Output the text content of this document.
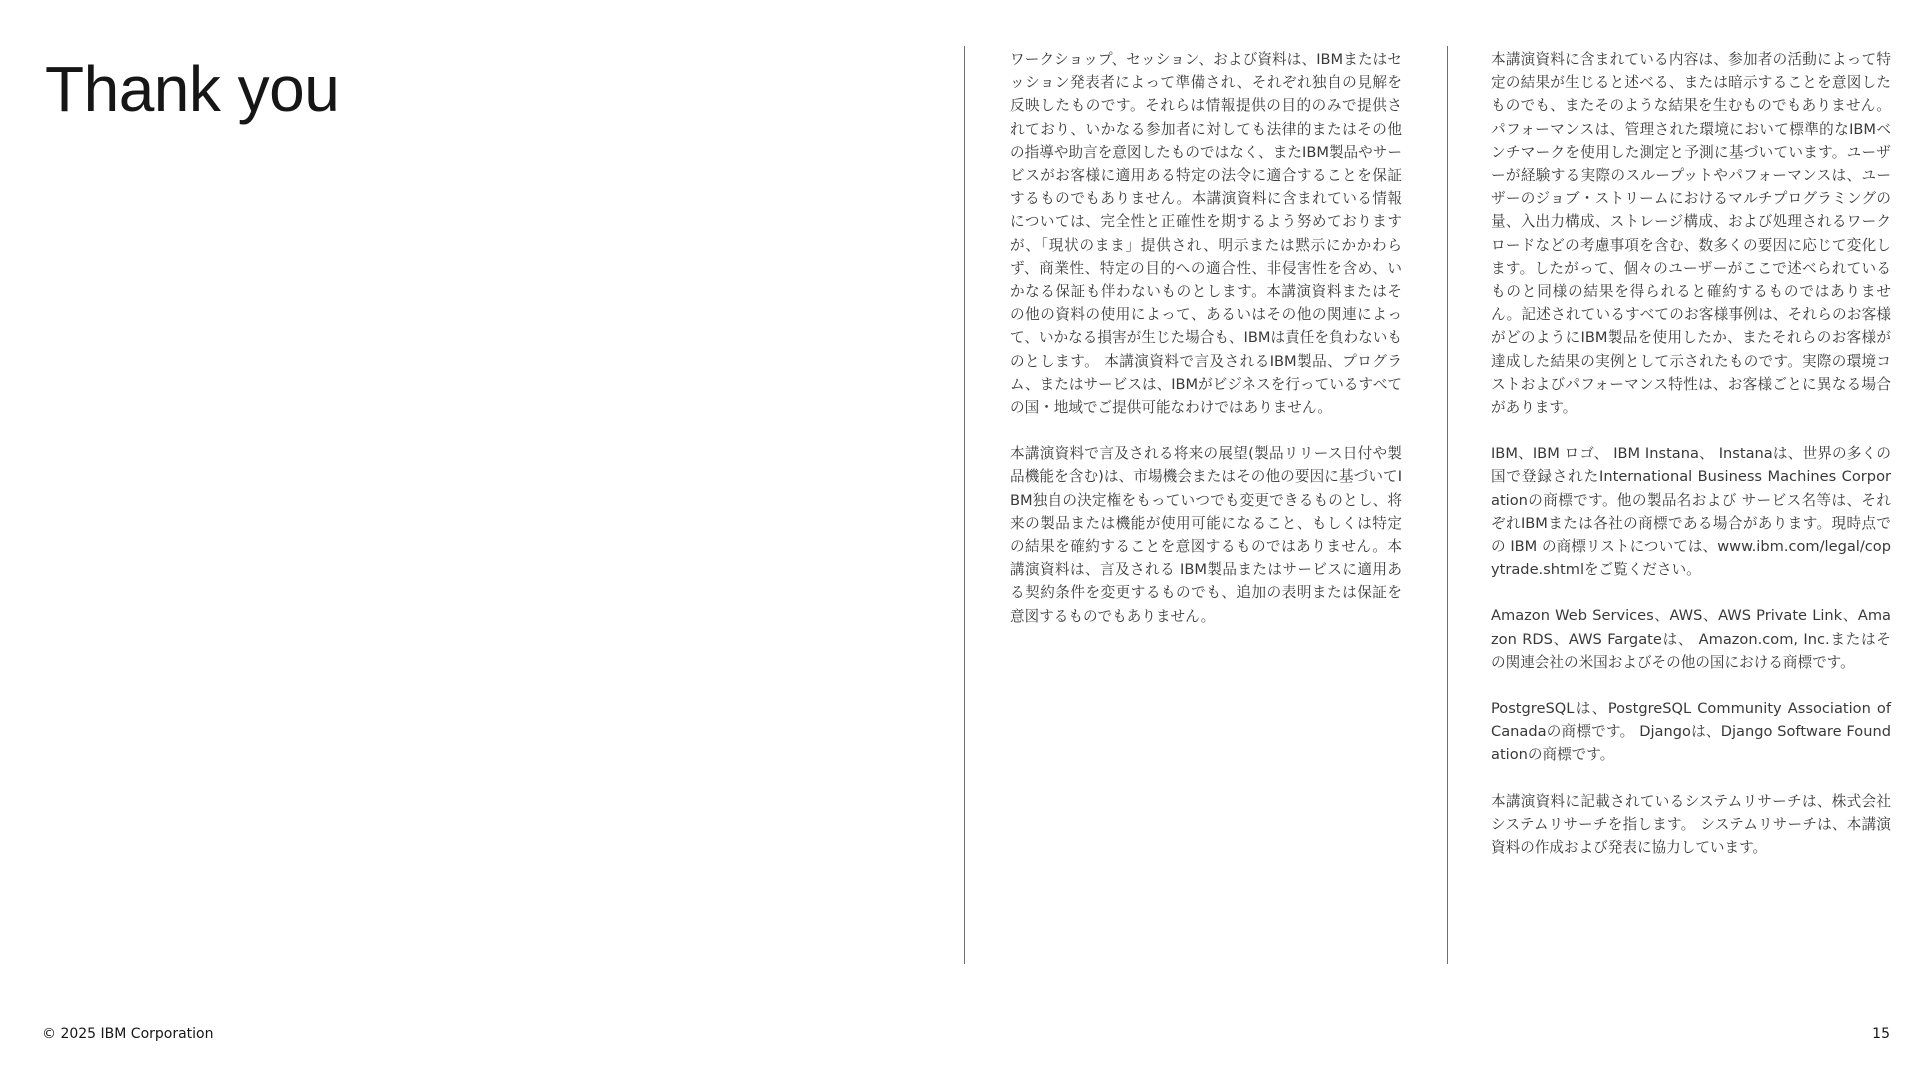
Thank you	ワークショップ、セッション、および資料は、IBMまたはセッション発表者によって準備され、それぞれ独自の見解を反映したものです。それらは情報提供の目的のみで提供されており、いかなる参加者に対しても法律的またはその他の指導や助言を意図したものではなく、またIBM製品やサービスがお客様に適用ある特定の法令に適合することを保証するものでもありません。本講演資料に含まれている情報については、完全性と正確性を期するよう努めておりますが、「現状のまま」提供され、明示または黙示にかかわらず、商業性、特定の目的への適合性、非侵害性を含め、いかなる保証も伴わないものとします。本講演資料またはその他の資料の使用によって、あるいはその他の関連によって、いかなる損害が生じた場合も、IBMは責任を負わないものとします。 本講演資料で言及されるIBM製品、プログラム、またはサービスは、IBMがビジネスを行っているすべての国・地域でご提供可能なわけではありません。

本講演資料で言及される将来の展望(製品リリース日付や製品機能を含む)は、市場機会またはその他の要因に基づいてIBM独自の決定権をもっていつでも変更できるものとし、将来の製品または機能が使用可能になること、もしくは特定の結果を確約することを意図するものではありません。本講演資料は、言及される IBM製品またはサービスに適用ある契約条件を変更するものでも、追加の表明または保証を意図するものでもありません。

本講演資料に含まれている内容は、参加者の活動によって特定の結果が生じると述べる、または暗示することを意図したものでも、またそのような結果を生むものでもありません。 パフォーマンスは、管理された環境において標準的なIBMベンチマークを使用した測定と予測に基づいています。ユーザーが経験する実際のスループットやパフォーマンスは、ユーザーのジョブ・ストリームにおけるマルチプログラミングの量、入出力構成、ストレージ構成、および処理されるワークロードなどの考慮事項を含む、数多くの要因に応じて変化します。したがって、個々のユーザーがここで述べられているものと同様の結果を得られると確約するものではありません。記述されているすべてのお客様事例は、それらのお客様がどのようにIBM製品を使用したか、またそれらのお客様が達成した結果の実例として示されたものです。実際の環境コストおよびパフォーマンス特性は、お客様ごとに異なる場合があります。

IBM、IBM ロゴ、 IBM Instana、 Instanaは、世界の多くの国で登録されたInternational Business Machines Corporationの商標です。他の製品名および サービス名等は、それぞれIBMまたは各社の商標である場合があります。現時点での IBM の商標リストについては、www.ibm.com/legal/copytrade.shtmlをご覧ください。

Amazon Web Services、AWS、AWS Private Link、Amazon RDS、AWS Fargateは、 Amazon.com, Inc.またはその関連会社の米国およびその他の国における商標です。

PostgreSQLは、PostgreSQL Community Association of Canadaの商標です。 Djangoは、Django Software Foundationの商標です。

本講演資料に記載されているシステムリサーチは、株式会社システムリサーチを指します。 システムリサーチは、本講演資料の作成および発表に協力しています。

© 2025 IBM Corporation	15
